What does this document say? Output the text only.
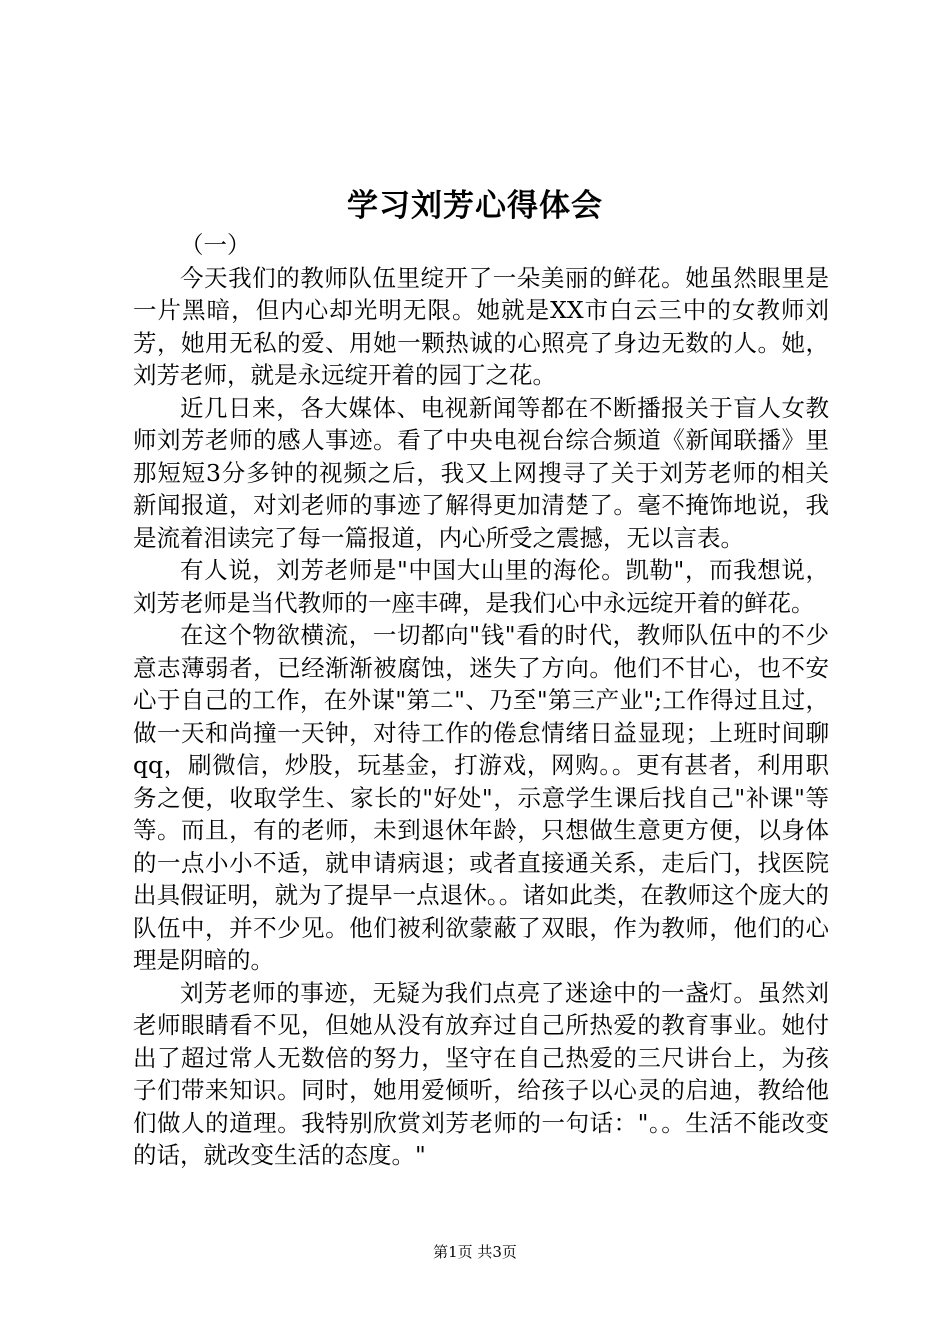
学习刘芳心得体会

（一）

今天我们的教师队伍里绽开了一朵美丽的鲜花。她虽然眼里是一片黑暗，但内心却光明无限。她就是XX市白云三中的女教师刘芳，她用无私的爱、用她一颗热诚的心照亮了身边无数的人。她，刘芳老师，就是永远绽开着的园丁之花。

近几日来，各大媒体、电视新闻等都在不断播报关于盲人女教师刘芳老师的感人事迹。看了中央电视台综合频道《新闻联播》里那短短3分多钟的视频之后，我又上网搜寻了关于刘芳老师的相关新闻报道，对刘老师的事迹了解得更加清楚了。毫不掩饰地说，我是流着泪读完了每一篇报道，内心所受之震撼，无以言表。

有人说，刘芳老师是"中国大山里的海伦。凯勒"，而我想说，刘芳老师是当代教师的一座丰碑，是我们心中永远绽开着的鲜花。

在这个物欲横流，一切都向"钱"看的时代，教师队伍中的不少意志薄弱者，已经渐渐被腐蚀，迷失了方向。他们不甘心，也不安心于自己的工作，在外谋"第二"、乃至"第三产业";工作得过且过，做一天和尚撞一天钟，对待工作的倦怠情绪日益显现；上班时间聊qq，刷微信，炒股，玩基金，打游戏，网购。。更有甚者，利用职务之便，收取学生、家长的"好处"，示意学生课后找自己"补课"等等。而且，有的老师，未到退休年龄，只想做生意更方便，以身体的一点小小不适，就申请病退；或者直接通关系，走后门，找医院出具假证明，就为了提早一点退休。。诸如此类，在教师这个庞大的队伍中，并不少见。他们被利欲蒙蔽了双眼，作为教师，他们的心理是阴暗的。

刘芳老师的事迹，无疑为我们点亮了迷途中的一盏灯。虽然刘老师眼睛看不见，但她从没有放弃过自己所热爱的教育事业。她付出了超过常人无数倍的努力，坚守在自己热爱的三尺讲台上，为孩子们带来知识。同时，她用爱倾听，给孩子以心灵的启迪，教给他们做人的道理。我特别欣赏刘芳老师的一句话："。。生活不能改变的话，就改变生活的态度。"

第1页 共3页
